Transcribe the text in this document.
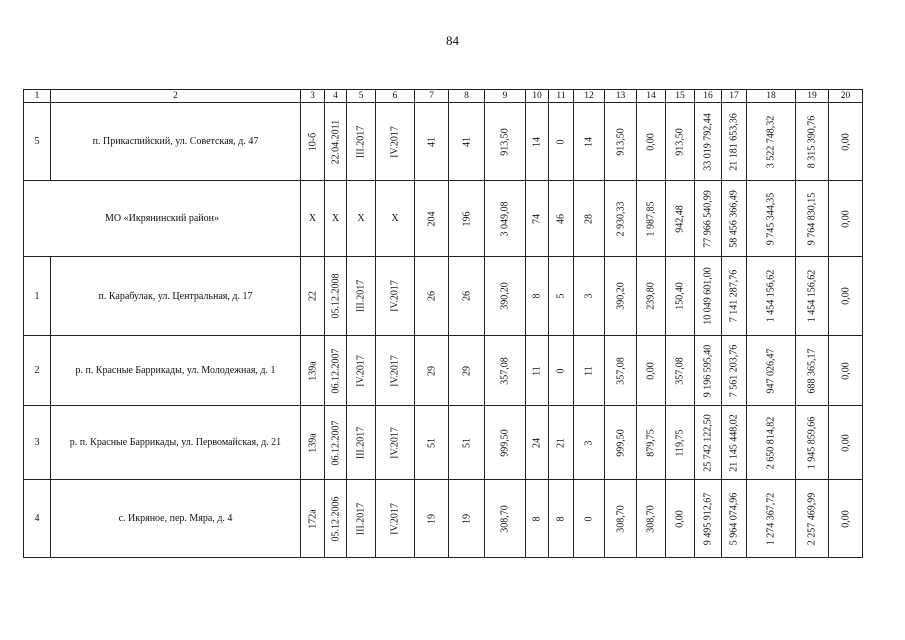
84
1	2	3	4	5	6	7	8	9	10	11	12	13	14	15	16	17	18	19	20
5	п. Прикаспийский, ул. Советская, д. 47	10-б	22.04.2011	III.2017	IV.2017	41	41	913,50	14	0	14	913,50	0,00	913,50	33 019 792,44	21 181 653,36	3 522 748,32	8 315 390,76	0,00

МО «Икрянинский район»		X	X	X	X	204	196	3 049,08	74	46	28	2 930,33	1 987,85	942,48	77 966 540,99	58 456 366,49	9 745 344,35	9 764 830,15	0,00

1	п. Карабулак, ул. Центральная, д. 17	22	05.12.2008	III.2017	IV.2017	26	26	390,20	8	5	3	390,20	239,80	150,40	10 049 601,00	7 141 287,76	1 454 156,62	1 454 156,62	0,00

2	р. п. Красные Баррикады, ул. Молодежная, д. 1	139а	06.12.2007	IV.2017	IV.2017	29	29	357,08	11	0	11	357,08	0,00	357,08	9 196 595,40	7 561 203,76	947 026,47	688 365,17	0,00

3	р. п. Красные Баррикады, ул. Первомайская, д. 21	139а	06.12.2007	III.2017	IV.2017	51	51	999,50	24	21	3	999,50	879,75	119,75	25 742 122,50	21 145 448,02	2 650 814,82	1 945 859,66	0,00

4	с. Икряное, пер. Мяра, д. 4	172а	05.12.2006	III.2017	IV.2017	19	19	308,70	8	8	0	308,70	308,70	0,00	9 495 912,67	5 964 074,96	1 274 367,72	2 257 469,99	0,00
